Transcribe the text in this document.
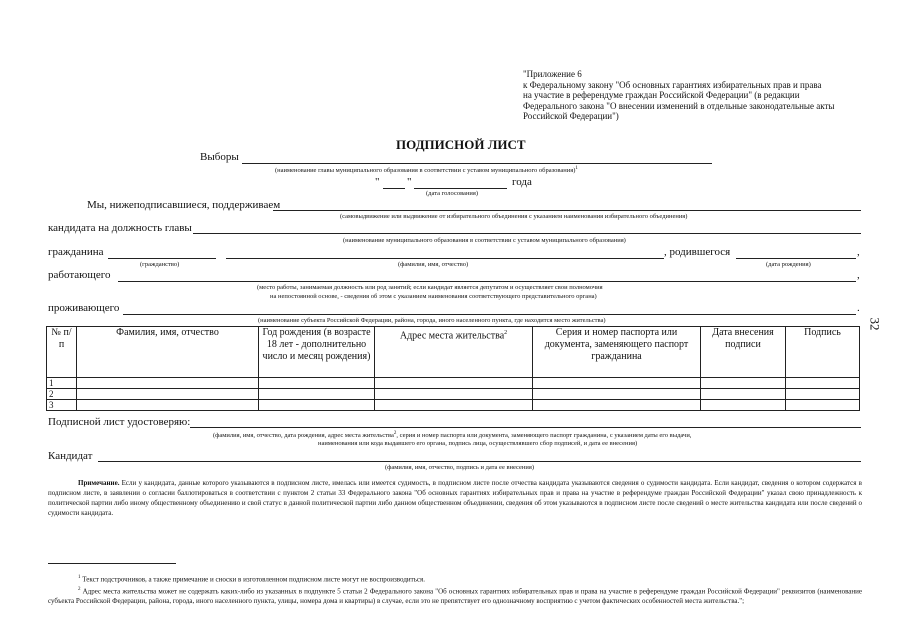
"Приложение 6
к Федеральному закону "Об основных гарантиях избирательных прав и права
на участие в референдуме граждан Российской Федерации" (в редакции
Федерального закона "О внесении изменений в отдельные законодательные акты
Российской Федерации")
ПОДПИСНОЙ ЛИСТ
Выборы
(наименование главы муниципального образования в соответствии с уставом муниципального образования)$^1$
"	"	года
(дата голосования)
Мы, нижеподписавшиеся, поддерживаем
(самовыдвижение или выдвижение от избирательного объединения с указанием наименования избирательного объединения)
кандидата на должность главы
(наименование муниципального образования в соответствии с уставом муниципального образования)
гражданина	, родившегося	,
(гражданство)	(фамилия, имя, отчество)	(дата рождения)
работающего	,
(место работы, занимаемая должность или род занятий; если кандидат является депутатом и осуществляет свои полномочия
на непостоянной основе, - сведения об этом с указанием наименования соответствующего представительного органа)
проживающего	.
(наименование субъекта Российской Федерации, района, города, иного населенного пункта, где находится место жительства)
№ п/п	Фамилия, имя, отчество	Год рождения (в возрасте 18 лет - дополнительно число и месяц рождения)	Адрес места жительства$^2$	Серия и номер паспорта или документа, заменяющего паспорт гражданина	Дата внесения подписи	Подпись
1						
2						
3						
Подписной лист удостоверяю:
(фамилия, имя, отчество, дата рождения, адрес места жительства$^2$, серия и номер паспорта или документа, заменяющего паспорт гражданина, с указанием даты его выдачи,
наименования или кода выдавшего его органа, подпись лица, осуществлявшего сбор подписей, и дата ее внесения)
Кандидат
(фамилия, имя, отчество, подпись и дата ее внесения)
Примечание. Если у кандидата, данные которого указываются в подписном листе, имелась или имеется судимость, в подписном листе после отчества кандидата указываются сведения о судимости кандидата. Если кандидат, сведения о котором содержатся в подписном листе, в заявлении о согласии баллотироваться в соответствии с пунктом 2 статьи 33 Федерального закона "Об основных гарантиях избирательных прав и права на участие в референдуме граждан Российской Федерации" указал свою принадлежность к политической партии либо иному общественному объединению и свой статус в данной политической партии либо данном общественном объединении, сведения об этом указываются в подписном листе после сведений о месте жительства кандидата или после сведений о судимости кандидата.
$^1$ Текст подстрочников, а также примечание и сноски в изготовленном подписном листе могут не воспроизводиться.
$^2$ Адрес места жительства может не содержать каких-либо из указанных в подпункте 5 статьи 2 Федерального закона "Об основных гарантиях избирательных прав и права на участие в референдуме граждан Российской Федерации" реквизитов (наименование субъекта Российской Федерации, района, города, иного населенного пункта, улицы, номера дома и квартиры) в случае, если это не препятствует его однозначному восприятию с учетом фактических особенностей места жительства.";
32
